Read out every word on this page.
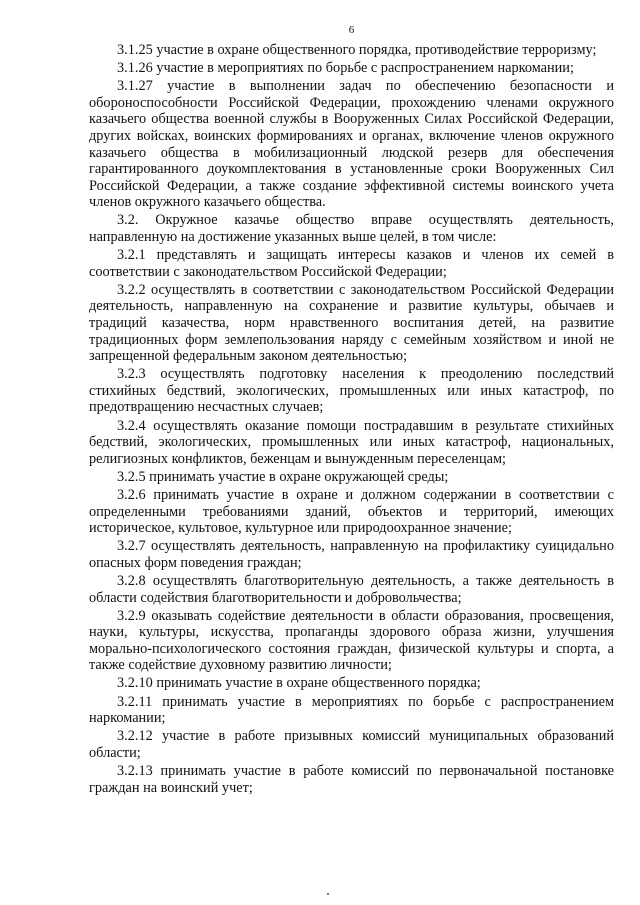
6

3.1.25 участие в охране общественного порядка, противодействие терроризму;

3.1.26 участие в мероприятиях по борьбе с распространением наркомании;

3.1.27 участие в выполнении задач по обеспечению безопасности и обороноспособности Российской Федерации, прохождению членами окружного казачьего общества военной службы в Вооруженных Силах Российской Федерации, других войсках, воинских формированиях и органах, включение членов окружного казачьего общества в мобилизационный людской резерв для обеспечения гарантированного доукомплектования в установленные сроки Вооруженных Сил Российской Федерации, а также создание эффективной системы воинского учета членов окружного казачьего общества.

3.2. Окружное казачье общество вправе осуществлять деятельность, направленную на достижение указанных выше целей, в том числе:

3.2.1 представлять и защищать интересы казаков и членов их семей в соответствии с законодательством Российской Федерации;

3.2.2 осуществлять в соответствии с законодательством Российской Федерации деятельность, направленную на сохранение и развитие культуры, обычаев и традиций казачества, норм нравственного воспитания детей, на развитие традиционных форм землепользования наряду с семейным хозяйством и иной не запрещенной федеральным законом деятельностью;

3.2.3 осуществлять подготовку населения к преодолению последствий стихийных бедствий, экологических, промышленных или иных катастроф, по предотвращению несчастных случаев;

3.2.4 осуществлять оказание помощи пострадавшим в результате стихийных бедствий, экологических, промышленных или иных катастроф, национальных, религиозных конфликтов, беженцам и вынужденным переселенцам;

3.2.5 принимать участие в охране окружающей среды;

3.2.6 принимать участие в охране и должном содержании в соответствии с определенными требованиями зданий, объектов и территорий, имеющих историческое, культовое, культурное или природоохранное значение;

3.2.7 осуществлять деятельность, направленную на профилактику суицидально опасных форм поведения граждан;

3.2.8 осуществлять благотворительную деятельность, а также деятельность в области содействия благотворительности и добровольчества;

3.2.9 оказывать содействие деятельности в области образования, просвещения, науки, культуры, искусства, пропаганды здорового образа жизни, улучшения морально-психологического состояния граждан, физической культуры и спорта, а также содействие духовному развитию личности;

3.2.10 принимать участие в охране общественного порядка;

3.2.11 принимать участие в мероприятиях по борьбе с распространением наркомании;

3.2.12 участие в работе призывных комиссий муниципальных образований области;

3.2.13 принимать участие в работе комиссий по первоначальной постановке граждан на воинский учет;
